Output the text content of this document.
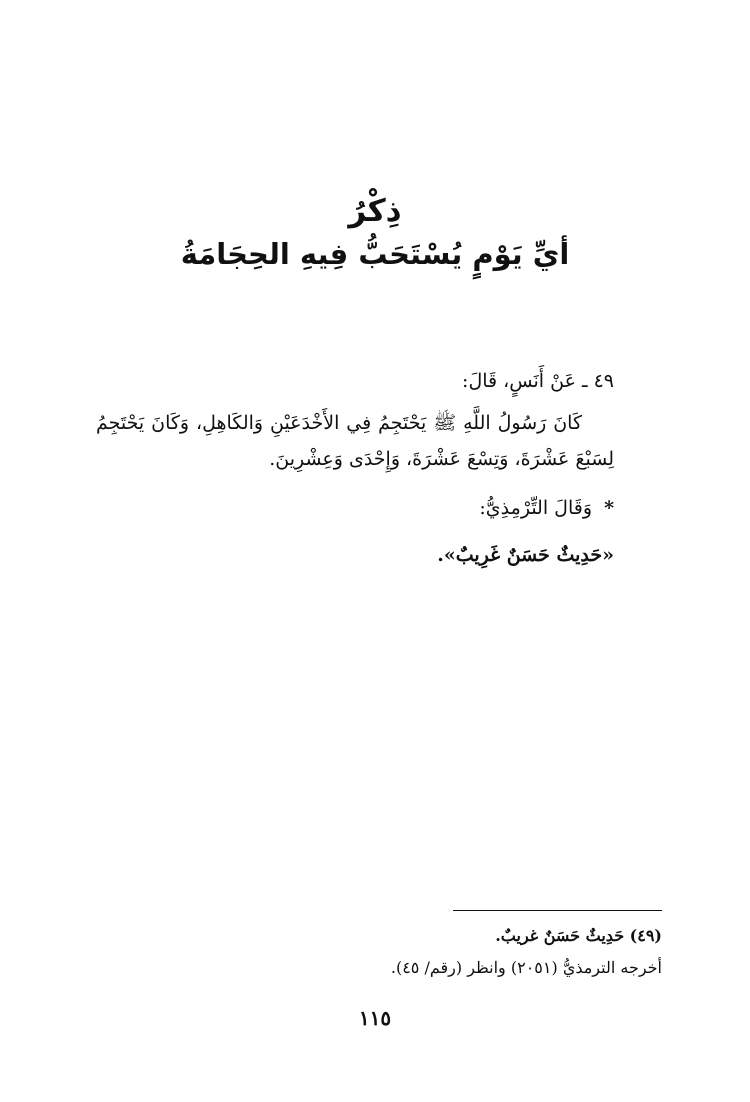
ذِكْرُ
أيِّ يَوْمٍ يُسْتَحَبُّ فِيهِ الحِجَامَةُ
٤٩ ـ عَنْ أَنَسٍ، قَالَ:
كَانَ رَسُولُ اللَّهِ ﷺ يَحْتَجِمُ فِي الأَخْدَعَيْنِ وَالكَاهِلِ، وَكَانَ يَحْتَجِمُ لِسَبْعَ عَشْرَةَ، وَتِسْعَ عَشْرَةَ، وَإِحْدَى وَعِشْرِينَ.
* وَقَالَ التِّرْمِذِيُّ:
«حَدِيثٌ حَسَنٌ غَرِيبٌ».
(٤٩) حَدِيثٌ حَسَنٌ غريبٌ.
أخرجه الترمذيُّ (٢٠٥١) وانظر (رقم/ ٤٥).
١١٥
